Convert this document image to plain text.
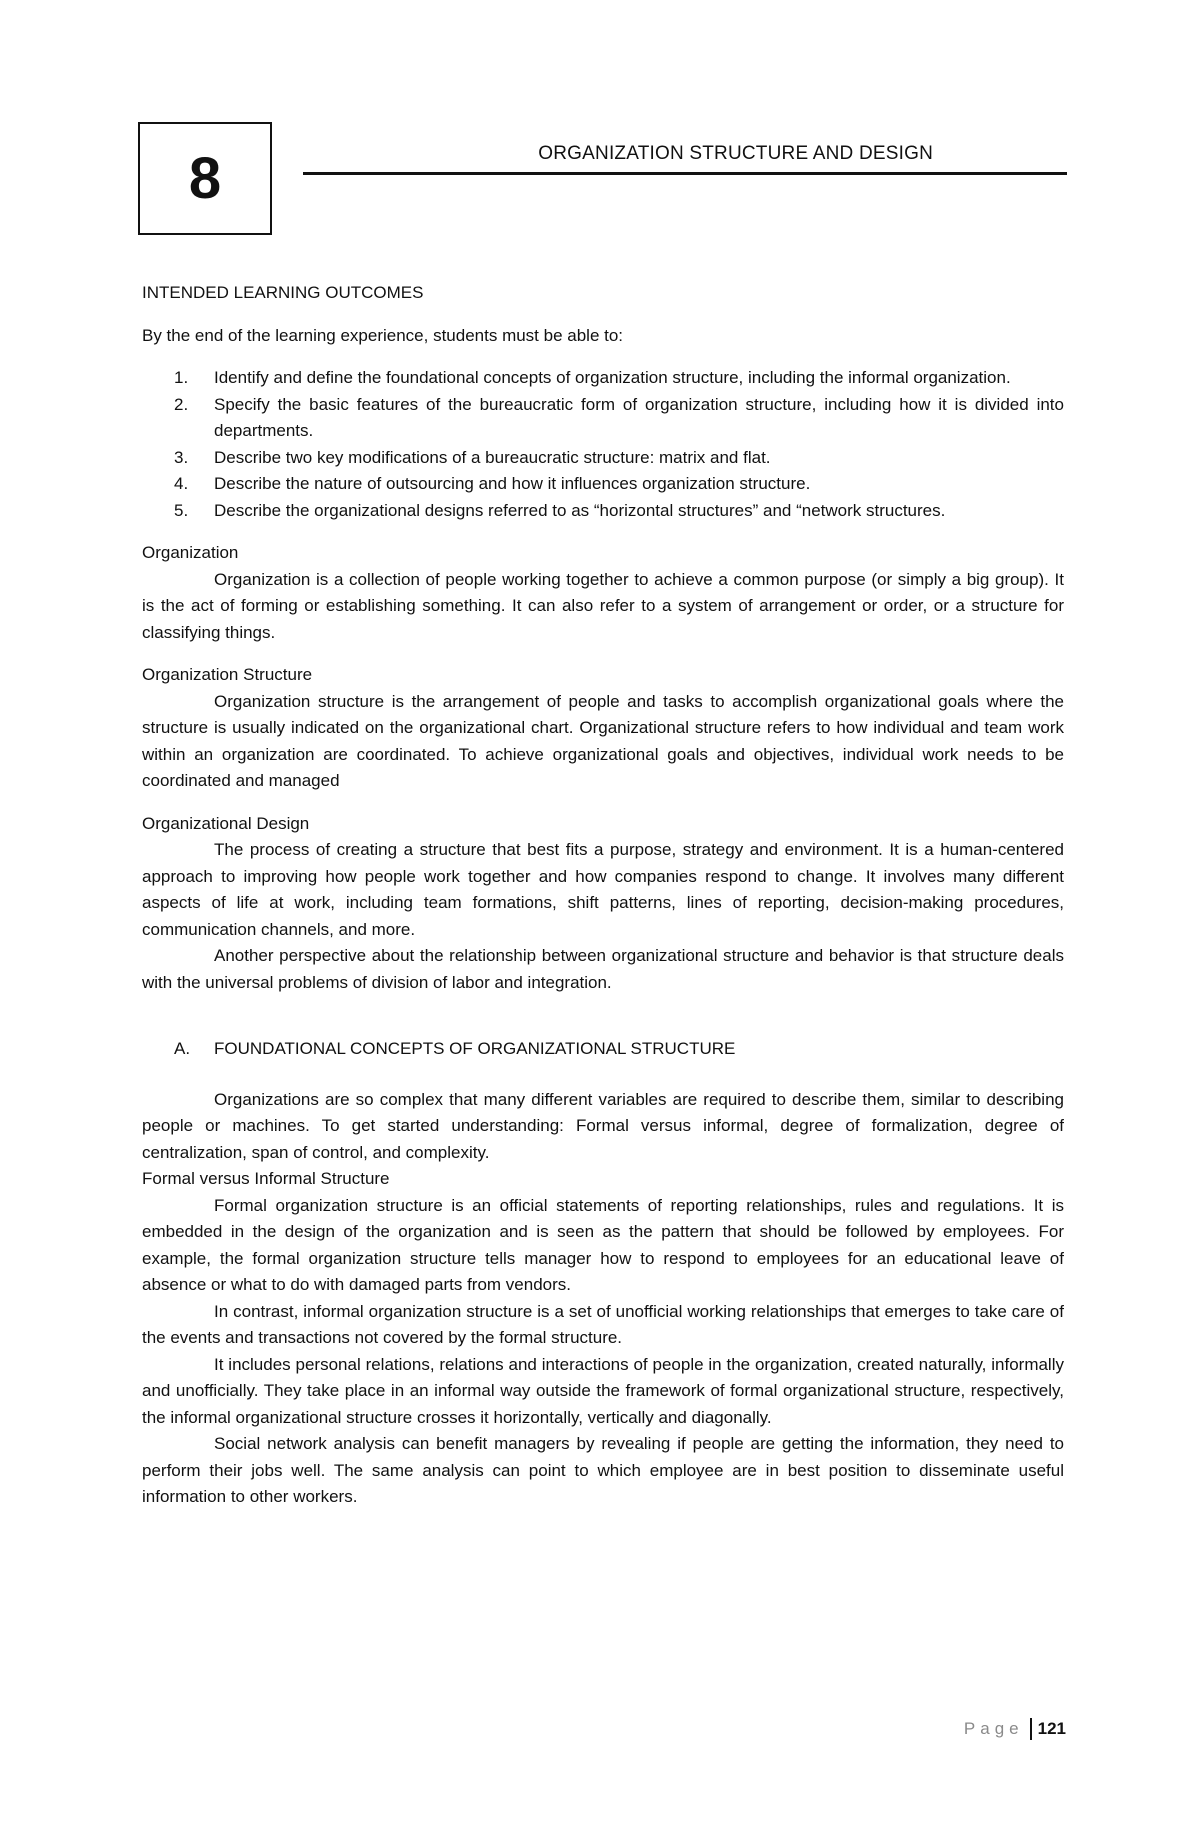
8	ORGANIZATION STRUCTURE AND DESIGN

INTENDED LEARNING OUTCOMES

By the end of the learning experience, students must be able to:

1. Identify and define the foundational concepts of organization structure, including the informal organization.
2. Specify the basic features of the bureaucratic form of organization structure, including how it is divided into departments.
3. Describe two key modifications of a bureaucratic structure: matrix and flat.
4. Describe the nature of outsourcing and how it influences organization structure.
5. Describe the organizational designs referred to as “horizontal structures” and “network structures.

Organization

Organization is a collection of people working together to achieve a common purpose (or simply a big group). It is the act of forming or establishing something. It can also refer to a system of arrangement or order, or a structure for classifying things.

Organization Structure

Organization structure is the arrangement of people and tasks to accomplish organizational goals where the structure is usually indicated on the organizational chart. Organizational structure refers to how individual and team work within an organization are coordinated. To achieve organizational goals and objectives, individual work needs to be coordinated and managed

Organizational Design

The process of creating a structure that best fits a purpose, strategy and environment. It is a human-centered approach to improving how people work together and how companies respond to change. It involves many different aspects of life at work, including team formations, shift patterns, lines of reporting, decision-making procedures, communication channels, and more.

Another perspective about the relationship between organizational structure and behavior is that structure deals with the universal problems of division of labor and integration.

A. FOUNDATIONAL CONCEPTS OF ORGANIZATIONAL STRUCTURE

Organizations are so complex that many different variables are required to describe them, similar to describing people or machines. To get started understanding: Formal versus informal, degree of formalization, degree of centralization, span of control, and complexity.

Formal versus Informal Structure

Formal organization structure is an official statements of reporting relationships, rules and regulations. It is embedded in the design of the organization and is seen as the pattern that should be followed by employees. For example, the formal organization structure tells manager how to respond to employees for an educational leave of absence or what to do with damaged parts from vendors.

In contrast, informal organization structure is a set of unofficial working relationships that emerges to take care of the events and transactions not covered by the formal structure.

It includes personal relations, relations and interactions of people in the organization, created naturally, informally and unofficially. They take place in an informal way outside the framework of formal organizational structure, respectively, the informal organizational structure crosses it horizontally, vertically and diagonally.

Social network analysis can benefit managers by revealing if people are getting the information, they need to perform their jobs well. The same analysis can point to which employee are in best position to disseminate useful information to other workers.

Page 121
